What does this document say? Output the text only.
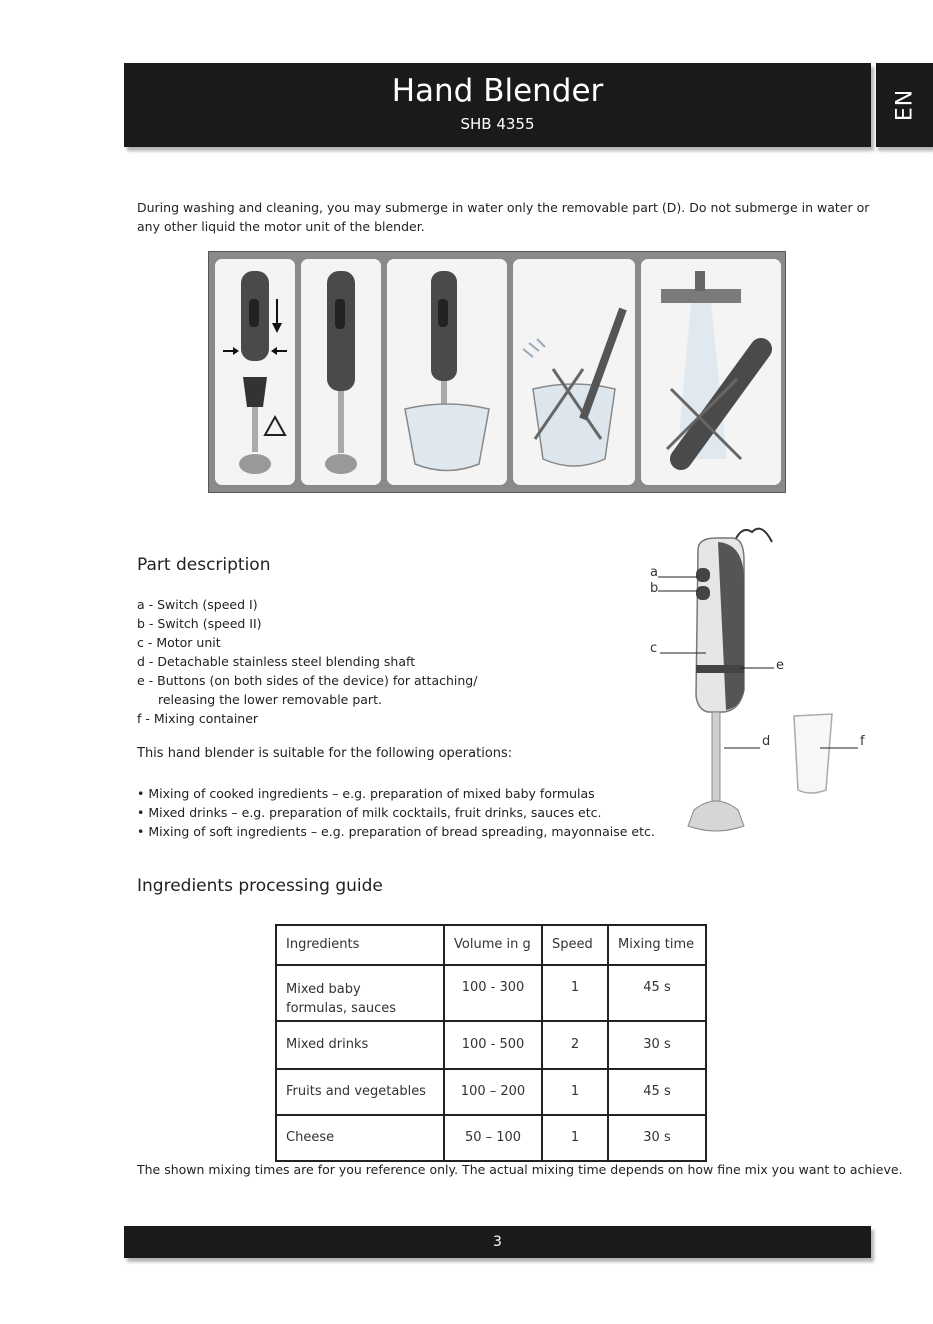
Hand Blender
SHB 4355
EN
During washing and cleaning, you may submerge in water only the removable part (D). Do not submerge in water or any other liquid the motor unit of the blender.
Part description
a - Switch (speed I)
b - Switch (speed II)
c - Motor unit
d - Detachable stainless steel blending shaft
e - Buttons (on both sides of the device) for attaching/
releasing the lower removable part.
f - Mixing container
This hand blender is suitable for the following operations:
• Mixing of cooked ingredients – e.g. preparation of mixed baby formulas
• Mixed drinks – e.g. preparation of milk cocktails, fruit drinks, sauces etc.
• Mixing of soft ingredients – e.g. preparation of bread spreading, mayonnaise etc.
a
b
c
e
d	f
Ingredients processing guide
Ingredients	Volume in g	Speed	Mixing time

Mixed baby
formulas, sauces	100 - 300	1	45 s
Mixed drinks	100 - 500	2	30 s
Fruits and vegetables	100 – 200	1	45 s
Cheese	50 – 100	1	30 s
The shown mixing times are for you reference only. The actual mixing time depends on how fine mix you want to achieve.
3
